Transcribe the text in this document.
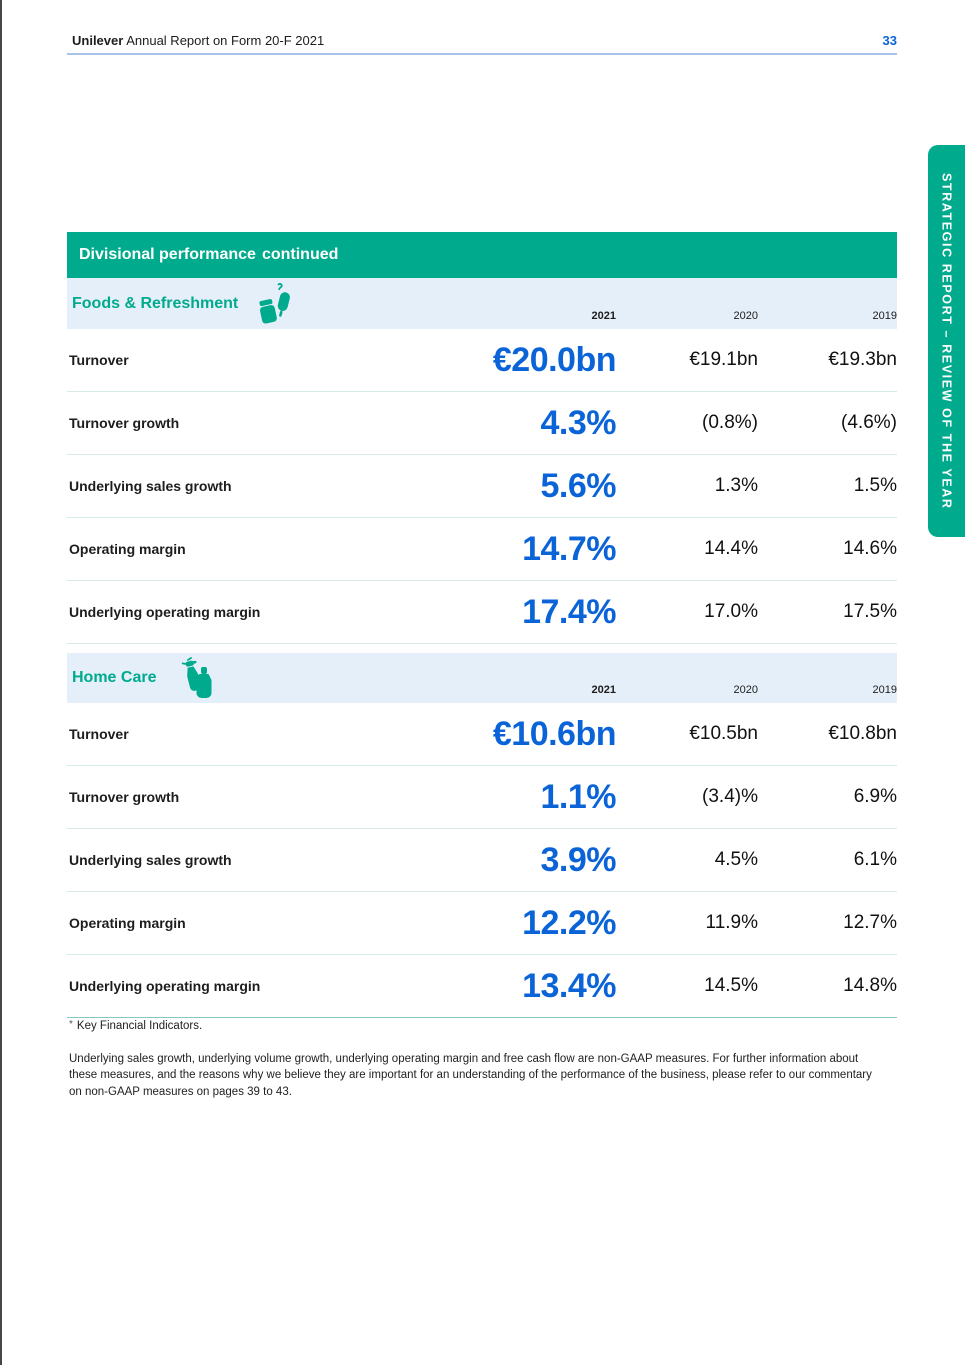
Unilever Annual Report on Form 20-F 2021	33
STRATEGIC REPORT – REVIEW OF THE YEAR
Divisional performance continued
Foods & Refreshment
2021	2020	2019
Turnover	€20.0bn	€19.1bn	€19.3bn
Turnover growth	4.3%	(0.8%)	(4.6%)
Underlying sales growth	5.6%	1.3%	1.5%
Operating margin	14.7%	14.4%	14.6%
Underlying operating margin	17.4%	17.0%	17.5%
Home Care
2021	2020	2019
Turnover	€10.6bn	€10.5bn	€10.8bn
Turnover growth	1.1%	(3.4)%	6.9%
Underlying sales growth	3.9%	4.5%	6.1%
Operating margin	12.2%	11.9%	12.7%
Underlying operating margin	13.4%	14.5%	14.8%
* Key Financial Indicators.
Underlying sales growth, underlying volume growth, underlying operating margin and free cash flow are non-GAAP measures. For further information about these measures, and the reasons why we believe they are important for an understanding of the performance of the business, please refer to our commentary on non-GAAP measures on pages 39 to 43.
